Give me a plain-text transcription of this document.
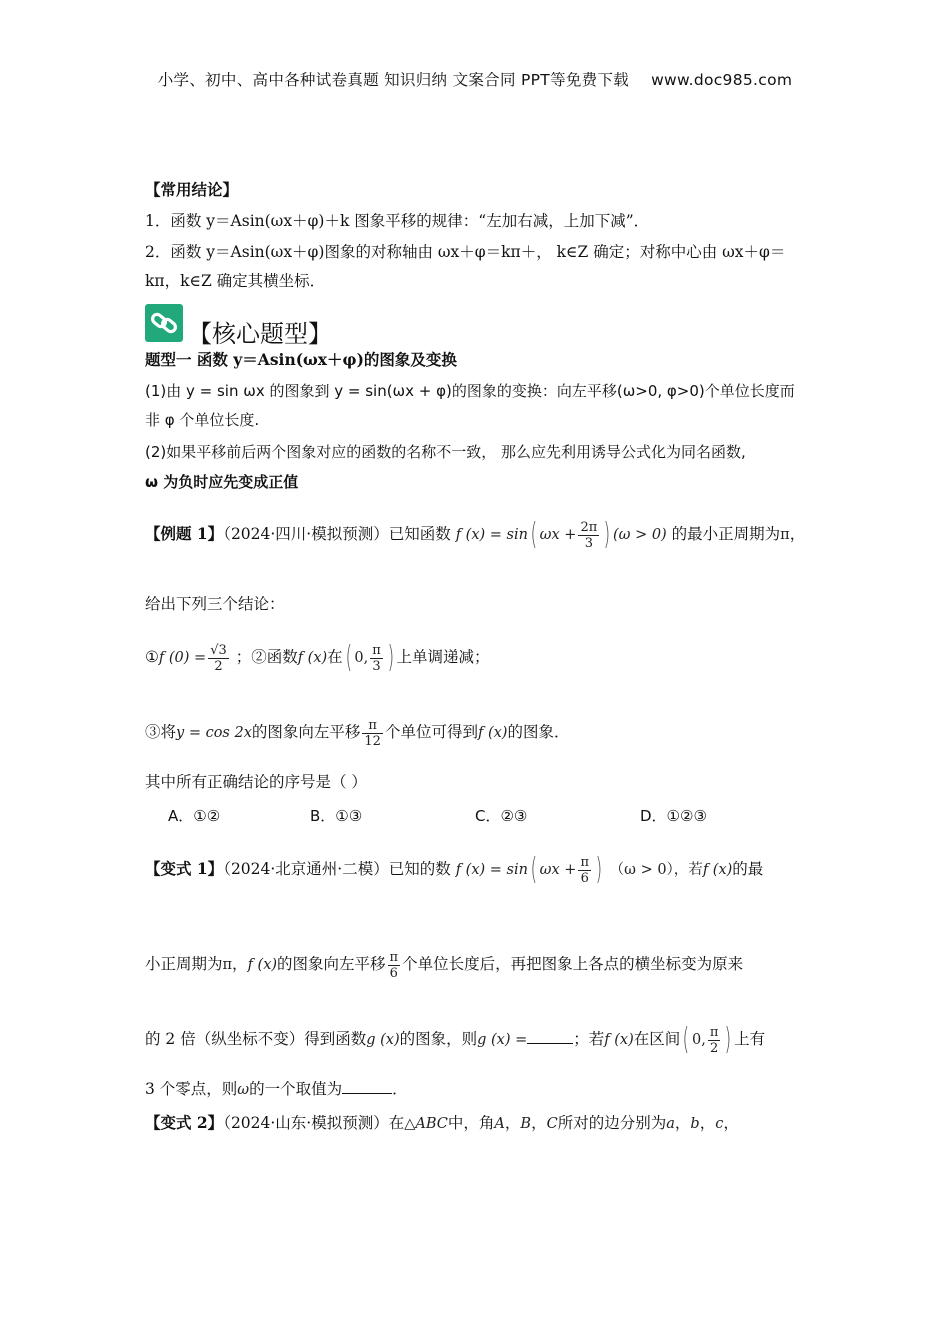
小学、初中、高中各种试卷真题 知识归纳 文案合同 PPT等免费下载 www.doc985.com
【常用结论】
1．函数 y＝Asin(ωx＋φ)＋k 图象平移的规律：“左加右减，上加下减”．
2．函数 y＝Asin(ωx＋φ)图象的对称轴由 ωx＋φ＝kπ＋， k∈Z 确定；对称中心由 ωx＋φ＝
kπ，k∈Z 确定其横坐标．
【核心题型】
题型一 函数 y＝Asin(ωx＋φ)的图象及变换
(1)由 y = sin ωx 的图象到 y = sin(ωx + φ)的图象的变换：向左平移(ω>0, φ>0)个单位长度而
非 φ 个单位长度.
(2)如果平移前后两个图象对应的函数的名称不一致， 那么应先利用诱导公式化为同名函数,
ω 为负时应先变成正值
【例题 1】（2024·四川·模拟预测）已知函数 f (x) = sin( $\omega x + \frac{2\pi}{3}$ ) (ω > 0) 的最小正周期为π，
给出下列三个结论：
①f $(0) = \frac{√3}{2}$ ；②函数f (x)在( 0, $\frac{\pi}{3}$ ) 上单调递减；
③将y = cos 2x的图象向左平移 $\frac{\pi}{12}$ 个单位可得到f (x)的图象．
其中所有正确结论的序号是（ ）
A．①②	B．①③	C．②③	D．①②③
【变式 1】（2024·北京通州·二模）已知的数 f (x) = sin( $\omega x + \frac{\pi}{6}$ ) （ω > 0），若f (x)的最
小正周期为π，f (x)的图象向左平移 $\frac{\pi}{6}$ 个单位长度后，再把图象上各点的横坐标变为原来
的 2 倍（纵坐标不变）得到函数g (x)的图象，则g (x) =	；若f (x)在区间( 0, $\frac{\pi}{2}$ ) 上有
3 个零点，则ω的一个取值为	．
【变式 2】（2024·山东·模拟预测）在△ABC中，角A，B，C所对的边分别为a，b，c，
